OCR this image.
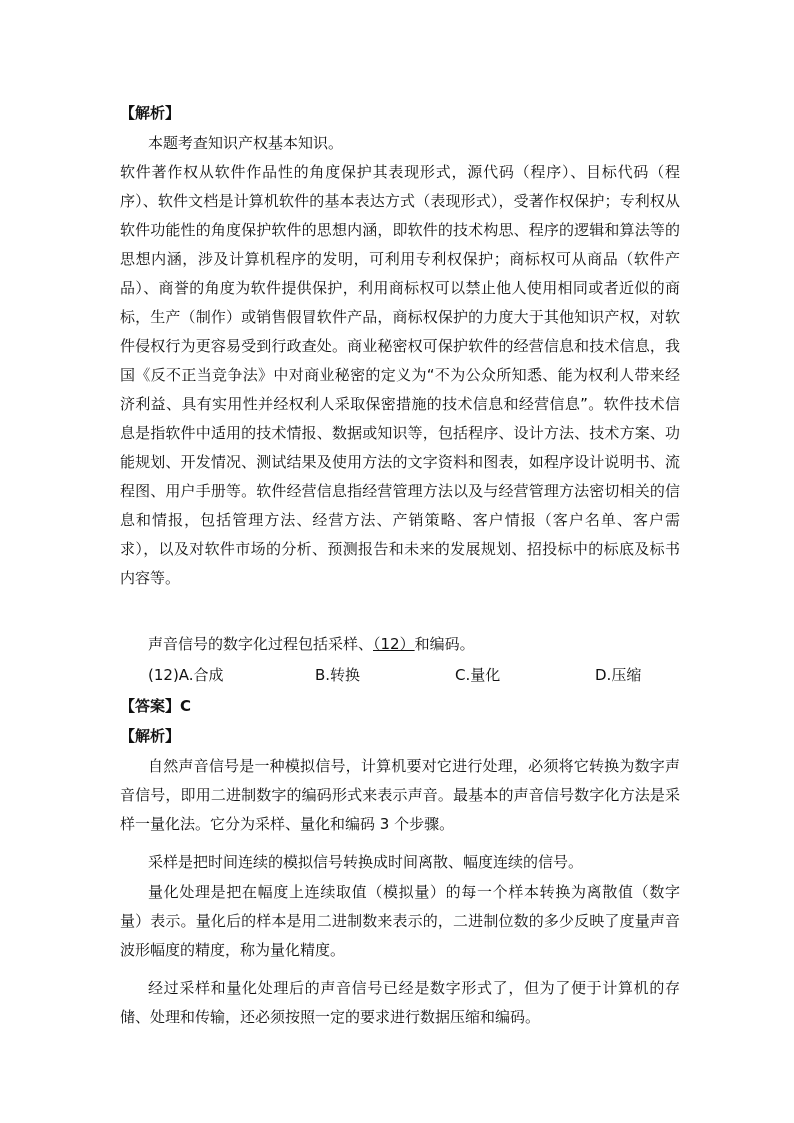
【解析】
本题考查知识产权基本知识。

软件著作权从软件作品性的角度保护其表现形式，源代码（程序）、目标代码（程序）、软件文档是计算机软件的基本表达方式（表现形式），受著作权保护；专利权从软件功能性的角度保护软件的思想内涵，即软件的技术构思、程序的逻辑和算法等的思想内涵，涉及计算机程序的发明，可利用专利权保护；商标权可从商品（软件产品）、商誉的角度为软件提供保护，利用商标权可以禁止他人使用相同或者近似的商标，生产（制作）或销售假冒软件产品，商标权保护的力度大于其他知识产权，对软件侵权行为更容易受到行政查处。商业秘密权可保护软件的经营信息和技术信息，我国《反不正当竞争法》中对商业秘密的定义为“不为公众所知悉、能为权利人带来经济利益、具有实用性并经权利人采取保密措施的技术信息和经营信息”。软件技术信息是指软件中适用的技术情报、数据或知识等，包括程序、设计方法、技术方案、功能规划、开发情况、测试结果及使用方法的文字资料和图表，如程序设计说明书、流程图、用户手册等。软件经营信息指经营管理方法以及与经营管理方法密切相关的信息和情报，包括管理方法、经营方法、产销策略、客户情报（客户名单、客户需求），以及对软件市场的分析、预测报告和未来的发展规划、招投标中的标底及标书内容等。

声音信号的数字化过程包括采样、（12）和编码。
(12)A.合成	B.转换	C.量化	D.压缩
【答案】C
【解析】

自然声音信号是一种模拟信号，计算机要对它进行处理，必须将它转换为数字声音信号，即用二进制数字的编码形式来表示声音。最基本的声音信号数字化方法是采样一量化法。它分为采样、量化和编码 3 个步骤。

采样是把时间连续的模拟信号转换成时间离散、幅度连续的信号。

量化处理是把在幅度上连续取值（模拟量）的每一个样本转换为离散值（数字量）表示。量化后的样本是用二进制数来表示的，二进制位数的多少反映了度量声音波形幅度的精度，称为量化精度。

经过采样和量化处理后的声音信号已经是数字形式了，但为了便于计算机的存储、处理和传输，还必须按照一定的要求进行数据压缩和编码。
